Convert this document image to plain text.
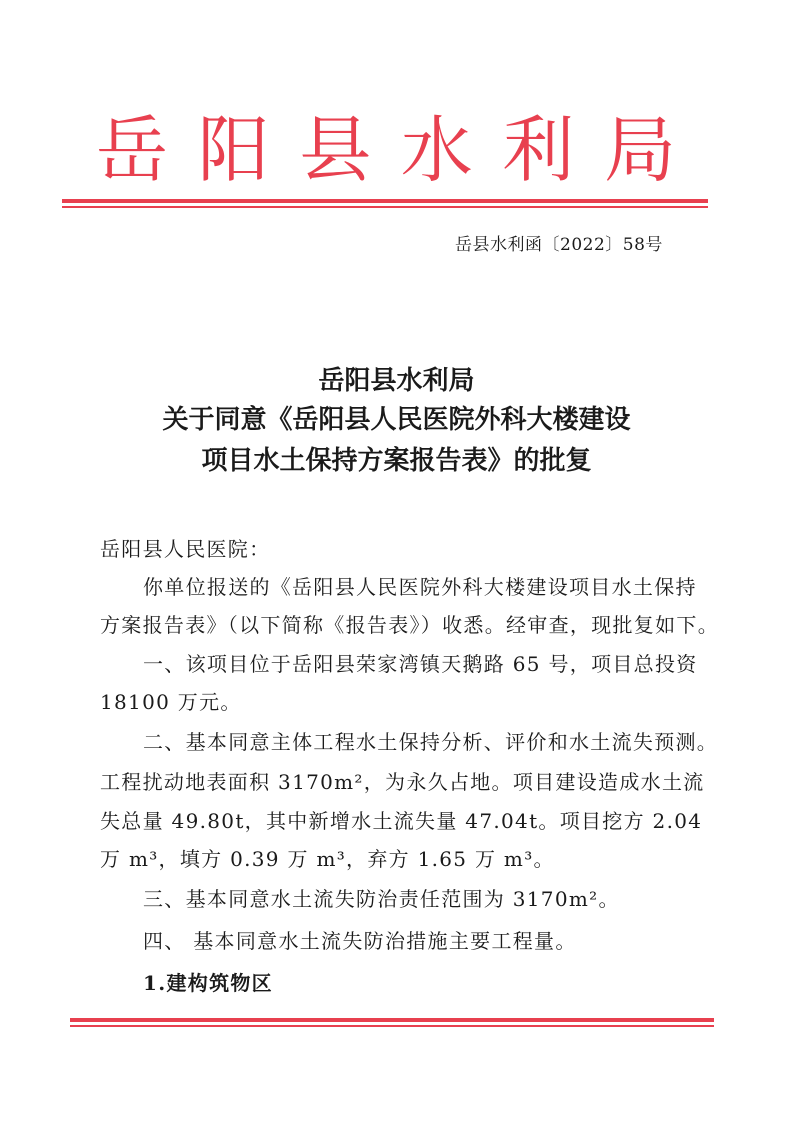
岳 阳 县 水 利 局
岳县水利函〔2022〕58号
岳阳县水利局
关于同意《岳阳县人民医院外科大楼建设
项目水土保持方案报告表》的批复
岳阳县人民医院：
你单位报送的《岳阳县人民医院外科大楼建设项目水土保持
方案报告表》（以下简称《报告表》）收悉。经审查，现批复如下。
一、该项目位于岳阳县荣家湾镇天鹅路 65 号，项目总投资
18100 万元。
二、基本同意主体工程水土保持分析、评价和水土流失预测。
工程扰动地表面积 3170m²，为永久占地。项目建设造成水土流
失总量 49.80t，其中新增水土流失量 47.04t。项目挖方 2.04
万 m³，填方 0.39 万 m³，弃方 1.65 万 m³。
三、基本同意水土流失防治责任范围为 3170m²。
四、 基本同意水土流失防治措施主要工程量。
1.建构筑物区
